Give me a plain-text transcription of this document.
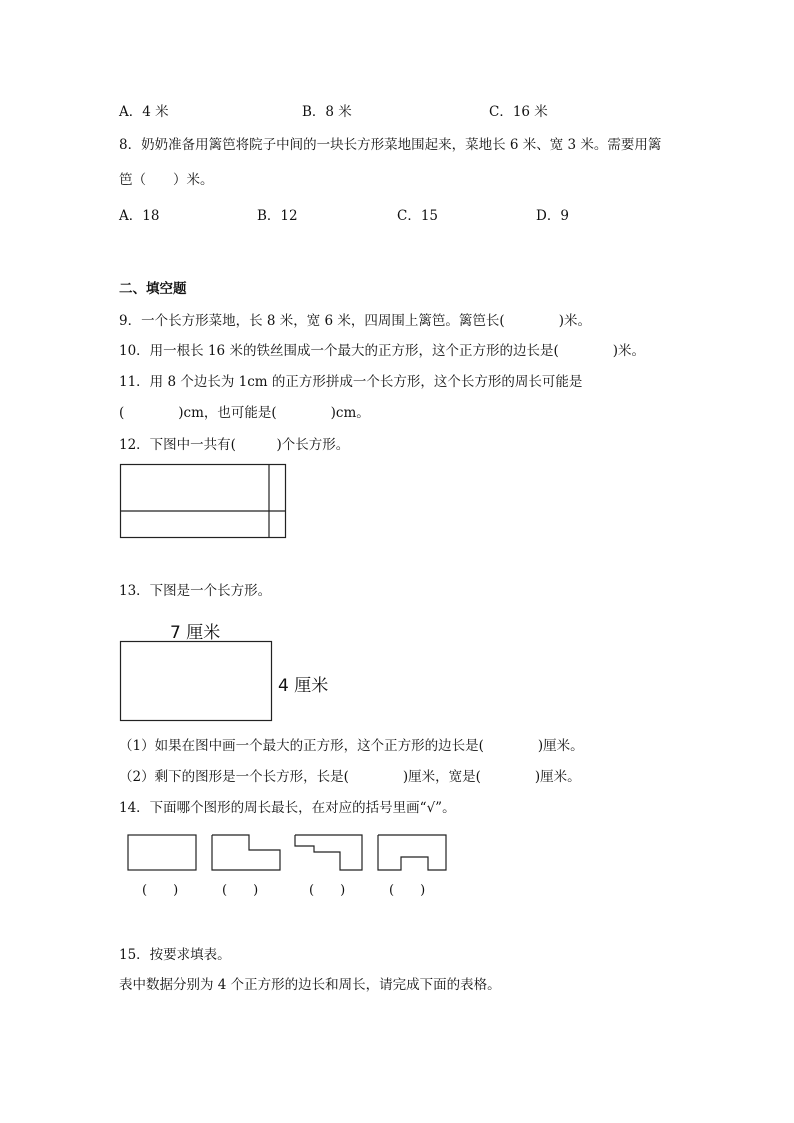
A．4 米	B．8 米	C．16 米
8．奶奶准备用篱笆将院子中间的一块长方形菜地围起来，菜地长 6 米、宽 3 米。需要用篱
笆（　　）米。
A．18	B．12	C．15	D．9
二、填空题
9．一个长方形菜地，长 8 米，宽 6 米，四周围上篱笆。篱笆长(　　　　)米。
10．用一根长 16 米的铁丝围成一个最大的正方形，这个正方形的边长是(　　　　)米。
11．用 8 个边长为 1cm 的正方形拼成一个长方形，这个长方形的周长可能是
(　　　　)cm，也可能是(　　　　)cm。
12．下图中一共有(　　　)个长方形。
13．下图是一个长方形。
7 厘米
4 厘米
（1）如果在图中画一个最大的正方形，这个正方形的边长是(　　　　)厘米。
（2）剩下的图形是一个长方形，长是(　　　　)厘米，宽是(　　　　)厘米。
14．下面哪个图形的周长最长，在对应的括号里画“√”。
(　　)	(　　)	(　　)	(　　)
15．按要求填表。
表中数据分别为 4 个正方形的边长和周长，请完成下面的表格。
